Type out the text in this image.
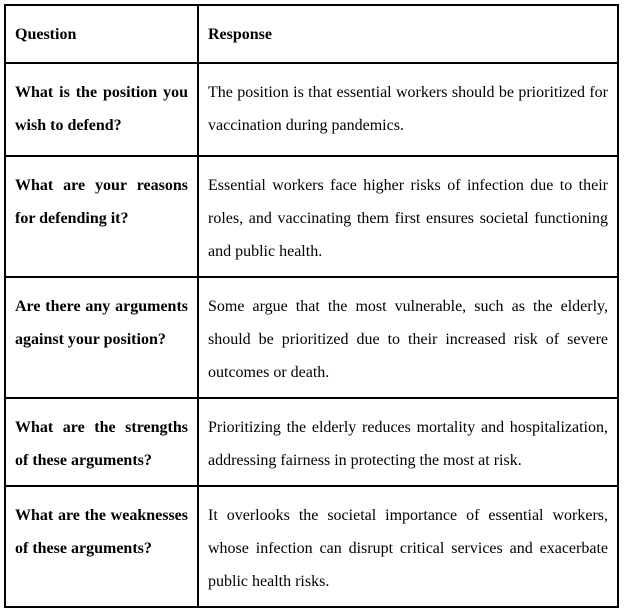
Question	Response
What is the position you wish to defend?	The position is that essential workers should be prioritized for vaccination during pandemics.
What are your reasons for defending it?	Essential workers face higher risks of infection due to their roles, and vaccinating them first ensures societal functioning and public health.
Are there any arguments against your position?	Some argue that the most vulnerable, such as the elderly, should be prioritized due to their increased risk of severe outcomes or death.
What are the strengths of these arguments?	Prioritizing the elderly reduces mortality and hospitalization, addressing fairness in protecting the most at risk.
What are the weaknesses of these arguments?	It overlooks the societal importance of essential workers, whose infection can disrupt critical services and exacerbate public health risks.
